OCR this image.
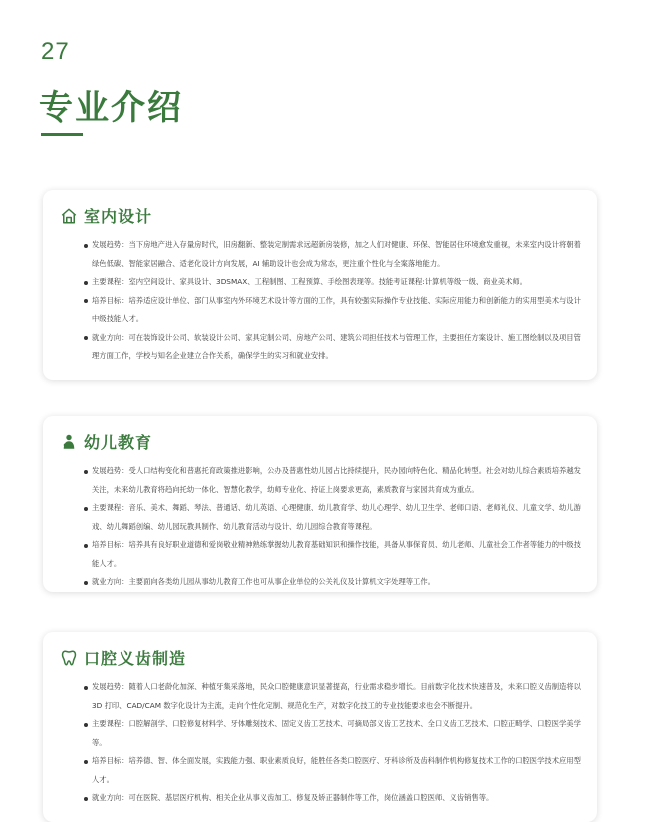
27
专业介绍
室内设计
发展趋势：当下房地产进入存量房时代，旧房翻新、整装定制需求远超新房装修，加之人们对健康、环保、智能居住环境愈发重视，未来室内设计将朝着绿色低碳、智能家居融合、适老化设计方向发展，AI 辅助设计也会成为常态，更注重个性化与全案落地能力。
主要课程：室内空间设计、家具设计、3DSMAX、工程制图、工程预算、手绘图表现等。技能考证课程:计算机等级一级、商业美术师。
培养目标：培养适应设计单位、部门从事室内外环境艺术设计等方面的工作，具有较强实际操作专业技能、实际应用能力和创新能力的实用型美术与设计中级技能人才。
就业方向：可在装饰设计公司、软装设计公司、家具定制公司、房地产公司、建筑公司担任技术与管理工作，主要担任方案设计、施工图绘制以及项目管理方面工作，学校与知名企业建立合作关系，确保学生的实习和就业安排。
幼儿教育
发展趋势：受人口结构变化和普惠托育政策推进影响，公办及普惠性幼儿园占比持续提升，民办园向特色化、精品化转型。社会对幼儿综合素质培养越发关注，未来幼儿教育将趋向托幼一体化、智慧化教学，幼师专业化、持证上岗要求更高，素质教育与家园共育成为重点。
主要课程：音乐、美术、舞蹈、琴法、普通话、幼儿英语、心理健康、幼儿教育学、幼儿心理学、幼儿卫生学、老师口语、老师礼仪、儿童文学、幼儿游戏、幼儿舞蹈创编、幼儿园玩教具制作、幼儿教育活动与设计、幼儿园综合教育等课程。
培养目标：培养具有良好职业道德和爱岗敬业精神熟练掌握幼儿教育基础知识和操作技能，具备从事保育员、幼儿老师、儿童社会工作者等能力的中级技能人才。
就业方向：主要面向各类幼儿园从事幼儿教育工作也可从事企业单位的公关礼仪及计算机文字处理等工作。
口腔义齿制造
发展趋势：随着人口老龄化加深、种植牙集采落地，民众口腔健康意识显著提高，行业需求稳步增长。目前数字化技术快速普及，未来口腔义齿制造将以 3D 打印、CAD/CAM 数字化设计为主流，走向个性化定制、规范化生产，对数字化技工的专业技能要求也会不断提升。
主要课程：口腔解剖学、口腔修复材料学、牙体雕刻技术、固定义齿工艺技术、可摘局部义齿工艺技术、全口义齿工艺技术、口腔正畸学、口腔医学美学等。
培养目标：培养德、智、体全面发展，实践能力强、职业素质良好，能胜任各类口腔医疗、牙科诊所及齿科制作机构修复技术工作的口腔医学技术应用型人才。
就业方向：可在医院、基层医疗机构、相关企业从事义齿加工、修复及矫正器制作等工作，岗位涵盖口腔医师、义齿销售等。
